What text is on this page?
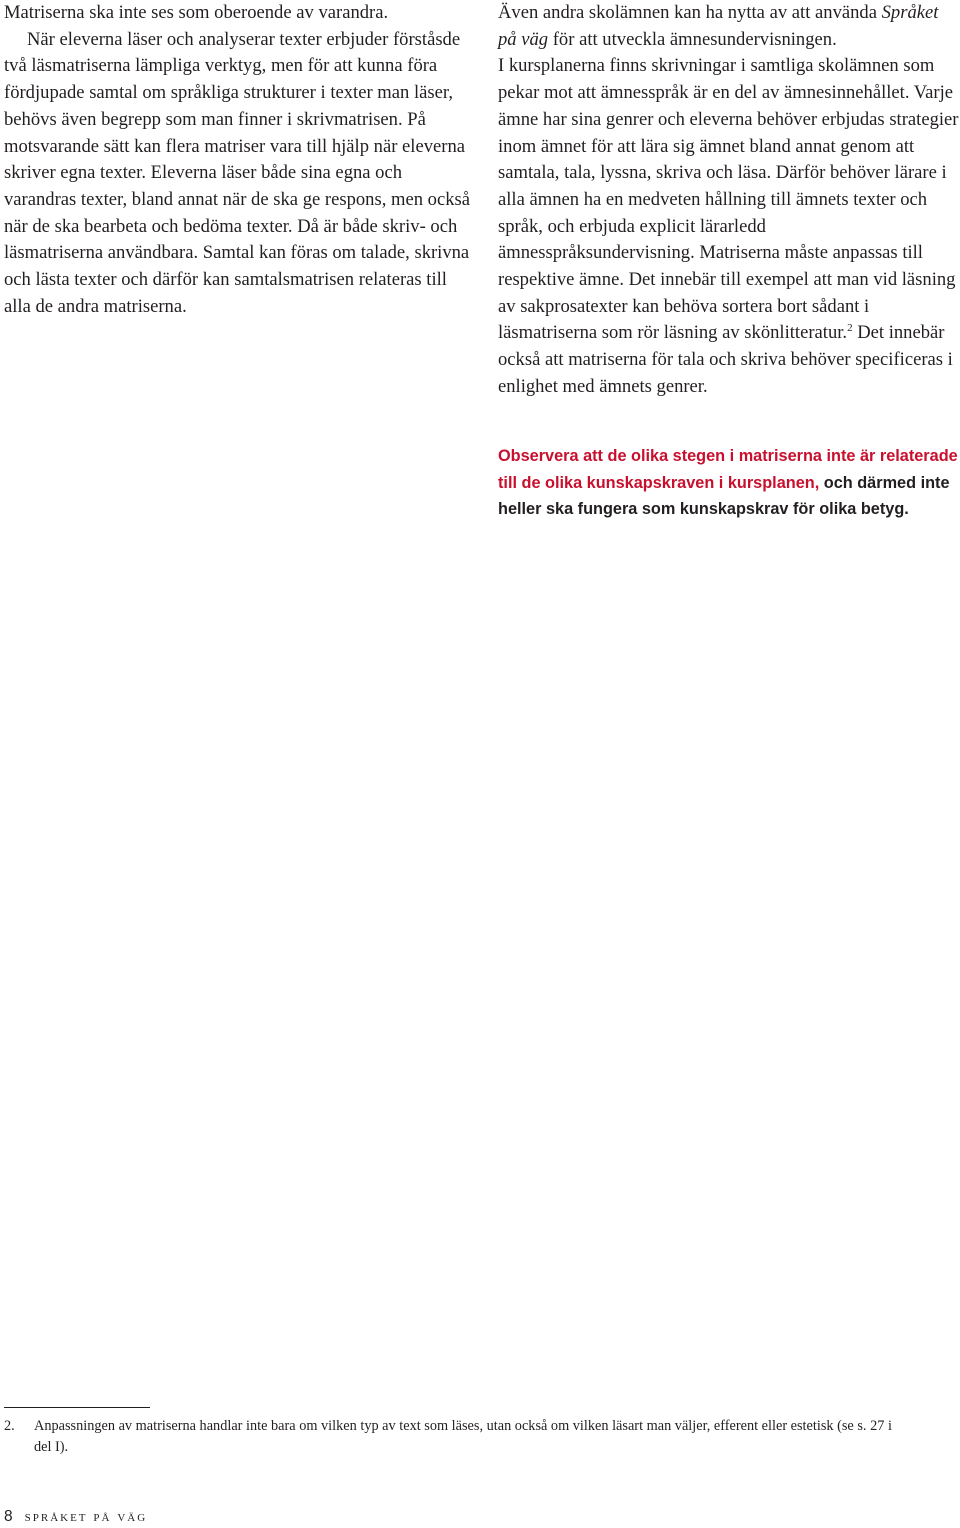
Matriserna ska inte ses som oberoende av varandra.

När eleverna läser och analyserar texter erbjuder förståsde två läsmatriserna lämpliga verktyg, men för att kunna föra fördjupade samtal om språkliga strukturer i texter man läser, behövs även begrepp som man finner i skrivmatrisen. På motsvarande sätt kan flera matriser vara till hjälp när eleverna skriver egna texter. Eleverna läser både sina egna och varandras texter, bland annat när de ska ge respons, men också när de ska bearbeta och bedöma texter. Då är både skriv- och läsmatriserna användbara. Samtal kan föras om talade, skrivna och lästa texter och därför kan samtalsmatrisen relateras till alla de andra matriserna.

Även andra skolämnen kan ha nytta av att använda Språket på väg för att utveckla ämnesundervisningen.

I kursplanerna finns skrivningar i samtliga skolämnen som pekar mot att ämnesspråk är en del av ämnesinnehållet. Varje ämne har sina genrer och eleverna behöver erbjudas strategier inom ämnet för att lära sig ämnet bland annat genom att samtala, tala, lyssna, skriva och läsa. Därför behöver lärare i alla ämnen ha en medveten hållning till ämnets texter och språk, och erbjuda explicit lärarledd ämnesspråksundervisning. Matriserna måste anpassas till respektive ämne. Det innebär till exempel att man vid läsning av sakprosatexter kan behöva sortera bort sådant i läsmatriserna som rör läsning av skönlitteratur.$^2$ Det innebär också att matriserna för tala och skriva behöver specificeras i enlighet med ämnets genrer.

Observera att de olika stegen i matriserna inte är relaterade till de olika kunskapskraven i kursplanen, och därmed inte heller ska fungera som kunskapskrav för olika betyg.
2. Anpassningen av matriserna handlar inte bara om vilken typ av text som läses, utan också om vilken läsart man väljer, efferent eller estetisk (se s. 27 i del I).
8 språket på väg
